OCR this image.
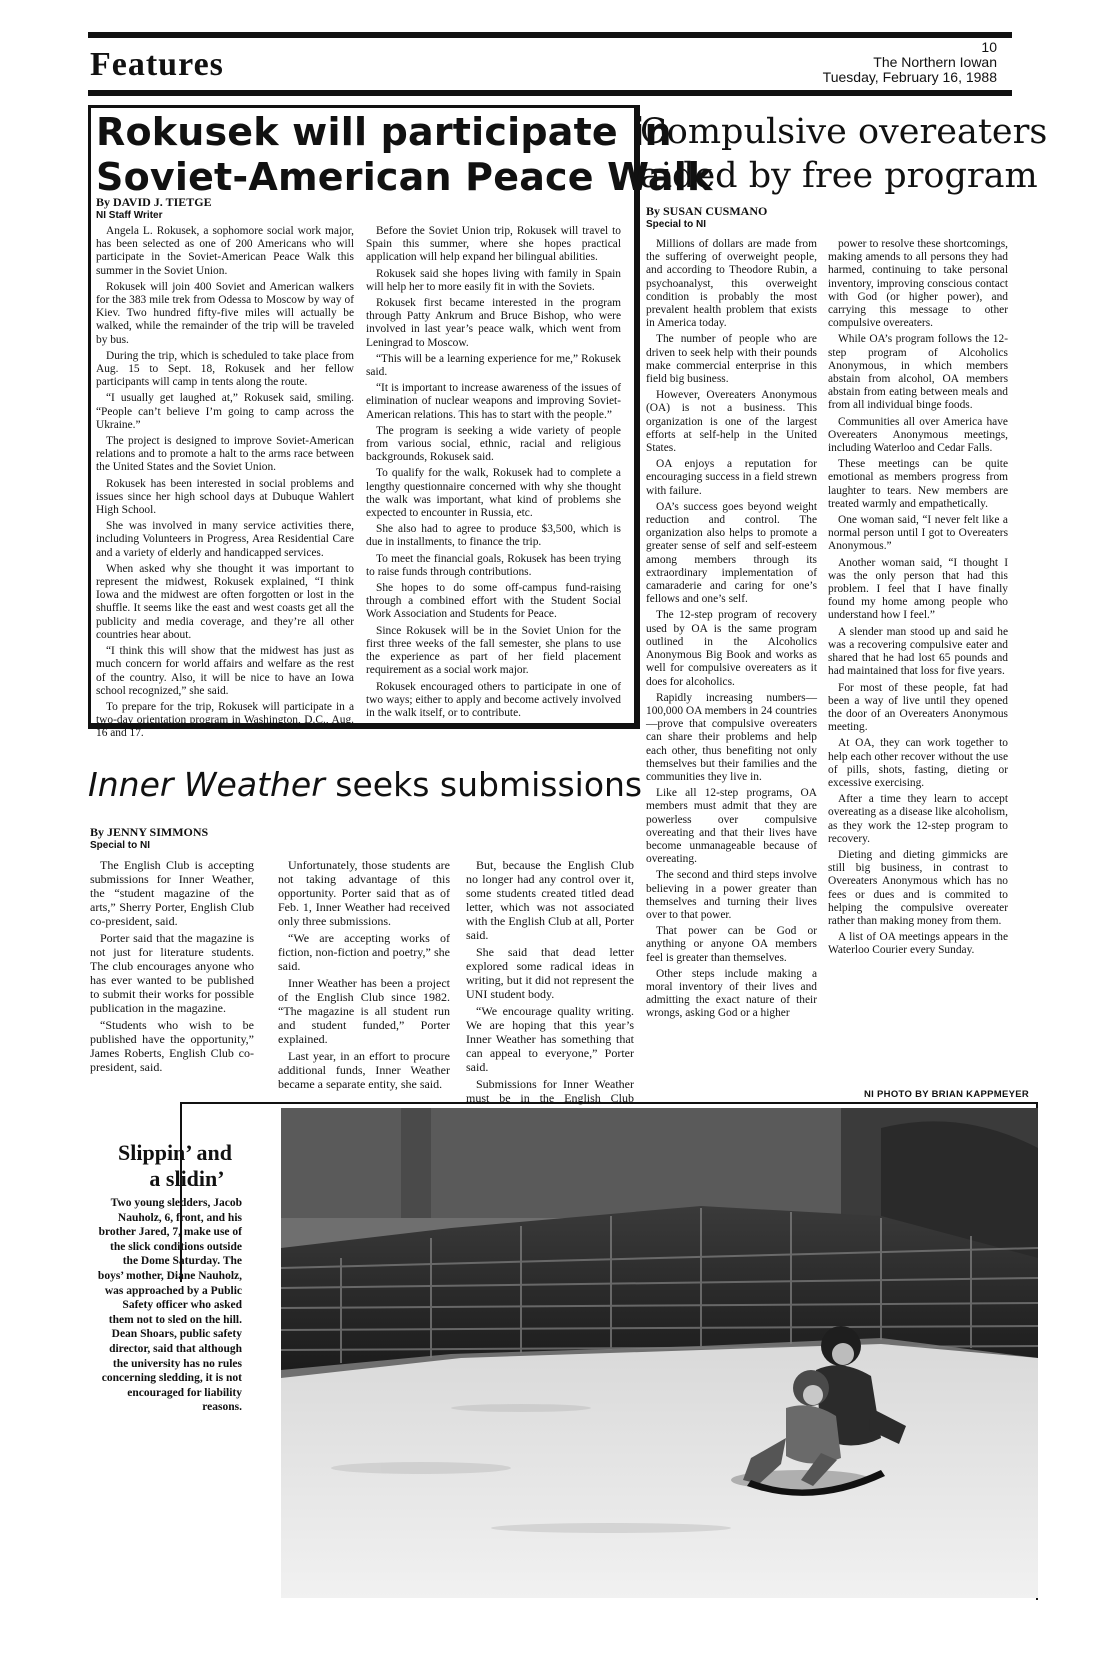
Features	10
The Northern Iowan
Tuesday, February 16, 1988
Rokusek will participate in
Soviet-American Peace Walk
By DAVID J. TIETGE
NI Staff Writer

Angela L. Rokusek, a sophomore social work major, has been selected as one of 200 Americans who will participate in the Soviet-American Peace Walk this summer in the Soviet Union.

Rokusek will join 400 Soviet and American walkers for the 383 mile trek from Odessa to Moscow by way of Kiev. Two hundred fifty-five miles will actually be walked, while the remainder of the trip will be traveled by bus.

During the trip, which is scheduled to take place from Aug. 15 to Sept. 18, Rokusek and her fellow participants will camp in tents along the route.

“I usually get laughed at,” Rokusek said, smiling. “People can’t believe I’m going to camp across the Ukraine.”

The project is designed to improve Soviet-American relations and to promote a halt to the arms race between the United States and the Soviet Union.

Rokusek has been interested in social problems and issues since her high school days at Dubuque Wahlert High School.

She was involved in many service activities there, including Volunteers in Progress, Area Residential Care and a variety of elderly and handicapped services.

When asked why she thought it was important to represent the midwest, Rokusek explained, “I think Iowa and the midwest are often forgotten or lost in the shuffle. It seems like the east and west coasts get all the publicity and media coverage, and they’re all other countries hear about.

“I think this will show that the midwest has just as much concern for world affairs and welfare as the rest of the country. Also, it will be nice to have an Iowa school recognized,” she said.

To prepare for the trip, Rokusek will participate in a two-day orientation program in Washington, D.C., Aug. 16 and 17.

Before the Soviet Union trip, Rokusek will travel to Spain this summer, where she hopes practical application will help expand her bilingual abilities.

Rokusek said she hopes living with family in Spain will help her to more easily fit in with the Soviets.

Rokusek first became interested in the program through Patty Ankrum and Bruce Bishop, who were involved in last year’s peace walk, which went from Leningrad to Moscow.

“This will be a learning experience for me,” Rokusek said.

“It is important to increase awareness of the issues of elimination of nuclear weapons and improving Soviet-American relations. This has to start with the people.”

The program is seeking a wide variety of people from various social, ethnic, racial and religious backgrounds, Rokusek said.

To qualify for the walk, Rokusek had to complete a lengthy questionnaire concerned with why she thought the walk was important, what kind of problems she expected to encounter in Russia, etc.

She also had to agree to produce $3,500, which is due in installments, to finance the trip.

To meet the financial goals, Rokusek has been trying to raise funds through contributions.

She hopes to do some off-campus fund-raising through a combined effort with the Student Social Work Association and Students for Peace.

Since Rokusek will be in the Soviet Union for the first three weeks of the fall semester, she plans to use the experience as part of her field placement requirement as a social work major.

Rokusek encouraged others to participate in one of two ways; either to apply and become actively involved in the walk itself, or to contribute.

Compulsive overeaters
aided by free program
By SUSAN CUSMANO
Special to NI

Millions of dollars are made from the suffering of overweight people, and according to Theodore Rubin, a psychoanalyst, this overweight condition is probably the most prevalent health problem that exists in America today.

The number of people who are driven to seek help with their pounds make commercial enterprise in this field big business.

However, Overeaters Anonymous (OA) is not a business. This organization is one of the largest efforts at self-help in the United States.

OA enjoys a reputation for encouraging success in a field strewn with failure.

OA’s success goes beyond weight reduction and control. The organization also helps to promote a greater sense of self and self-esteem among members through its extraordinary implementation of camaraderie and caring for one’s fellows and one’s self.

The 12-step program of recovery used by OA is the same program outlined in the Alcoholics Anonymous Big Book and works as well for compulsive overeaters as it does for alcoholics.

Rapidly increasing numbers—100,000 OA members in 24 countries—prove that compulsive overeaters can share their problems and help each other, thus benefiting not only themselves but their families and the communities they live in.

Like all 12-step programs, OA members must admit that they are powerless over compulsive overeating and that their lives have become unmanageable because of overeating.

The second and third steps involve believing in a power greater than themselves and turning their lives over to that power.

That power can be God or anything or anyone OA members feel is greater than themselves.

Other steps include making a moral inventory of their lives and admitting the exact nature of their wrongs, asking God or a higher

power to resolve these shortcomings, making amends to all persons they had harmed, continuing to take personal inventory, improving conscious contact with God (or higher power), and carrying this message to other compulsive overeaters.

While OA’s program follows the 12-step program of Alcoholics Anonymous, in which members abstain from alcohol, OA members abstain from eating between meals and from all individual binge foods.

Communities all over America have Overeaters Anonymous meetings, including Waterloo and Cedar Falls.

These meetings can be quite emotional as members progress from laughter to tears. New members are treated warmly and empathetically.

One woman said, “I never felt like a normal person until I got to Overeaters Anonymous.”

Another woman said, “I thought I was the only person that had this problem. I feel that I have finally found my home among people who understand how I feel.”

A slender man stood up and said he was a recovering compulsive eater and shared that he had lost 65 pounds and had maintained that loss for five years.

For most of these people, fat had been a way of live until they opened the door of an Overeaters Anonymous meeting.

At OA, they can work together to help each other recover without the use of pills, shots, fasting, dieting or excessive exercising.

After a time they learn to accept overeating as a disease like alcoholism, as they work the 12-step program to recovery.

Dieting and dieting gimmicks are still big business, in contrast to Overeaters Anonymous which has no fees or dues and is commited to helping the compulsive overeater rather than making money from them.

A list of OA meetings appears in the Waterloo Courier every Sunday.

Inner Weather seeks submissions
By JENNY SIMMONS
Special to NI

The English Club is accepting submissions for Inner Weather, the “student magazine of the arts,” Sherry Porter, English Club co-president, said.

Porter said that the magazine is not just for literature students. The club encourages anyone who has ever wanted to be published to submit their works for possible publication in the magazine.

“Students who wish to be published have the opportunity,” James Roberts, English Club co-president, said.

Unfortunately, those students are not taking advantage of this opportunity. Porter said that as of Feb. 1, Inner Weather had received only three submissions.

“We are accepting works of fiction, non-fiction and poetry,” she said.

Inner Weather has been a project of the English Club since 1982. “The magazine is all student run and student funded,” Porter explained.

Last year, in an effort to procure additional funds, Inner Weather became a separate entity, she said.

But, because the English Club no longer had any control over it, some students created titled dead letter, which was not associated with the English Club at all, Porter said.

She said that dead letter explored some radical ideas in writing, but it did not represent the UNI student body.

“We encourage quality writing. We are hoping that this year’s Inner Weather has something that can appeal to everyone,” Porter said.

Submissions for Inner Weather must be in the English Club	NI PHOTO BY BRIAN KAPPMEYER
Slippin’ and
a slidin’
Two young sledders, Jacob Nauholz, 6, front, and his brother Jared, 7, make use of the slick conditions outside the Dome Saturday. The boys’ mother, Diane Nauholz, was approached by a Public Safety officer who asked them not to sled on the hill. Dean Shoars, public safety director, said that although the university has no rules concerning sledding, it is not encouraged for liability reasons.
